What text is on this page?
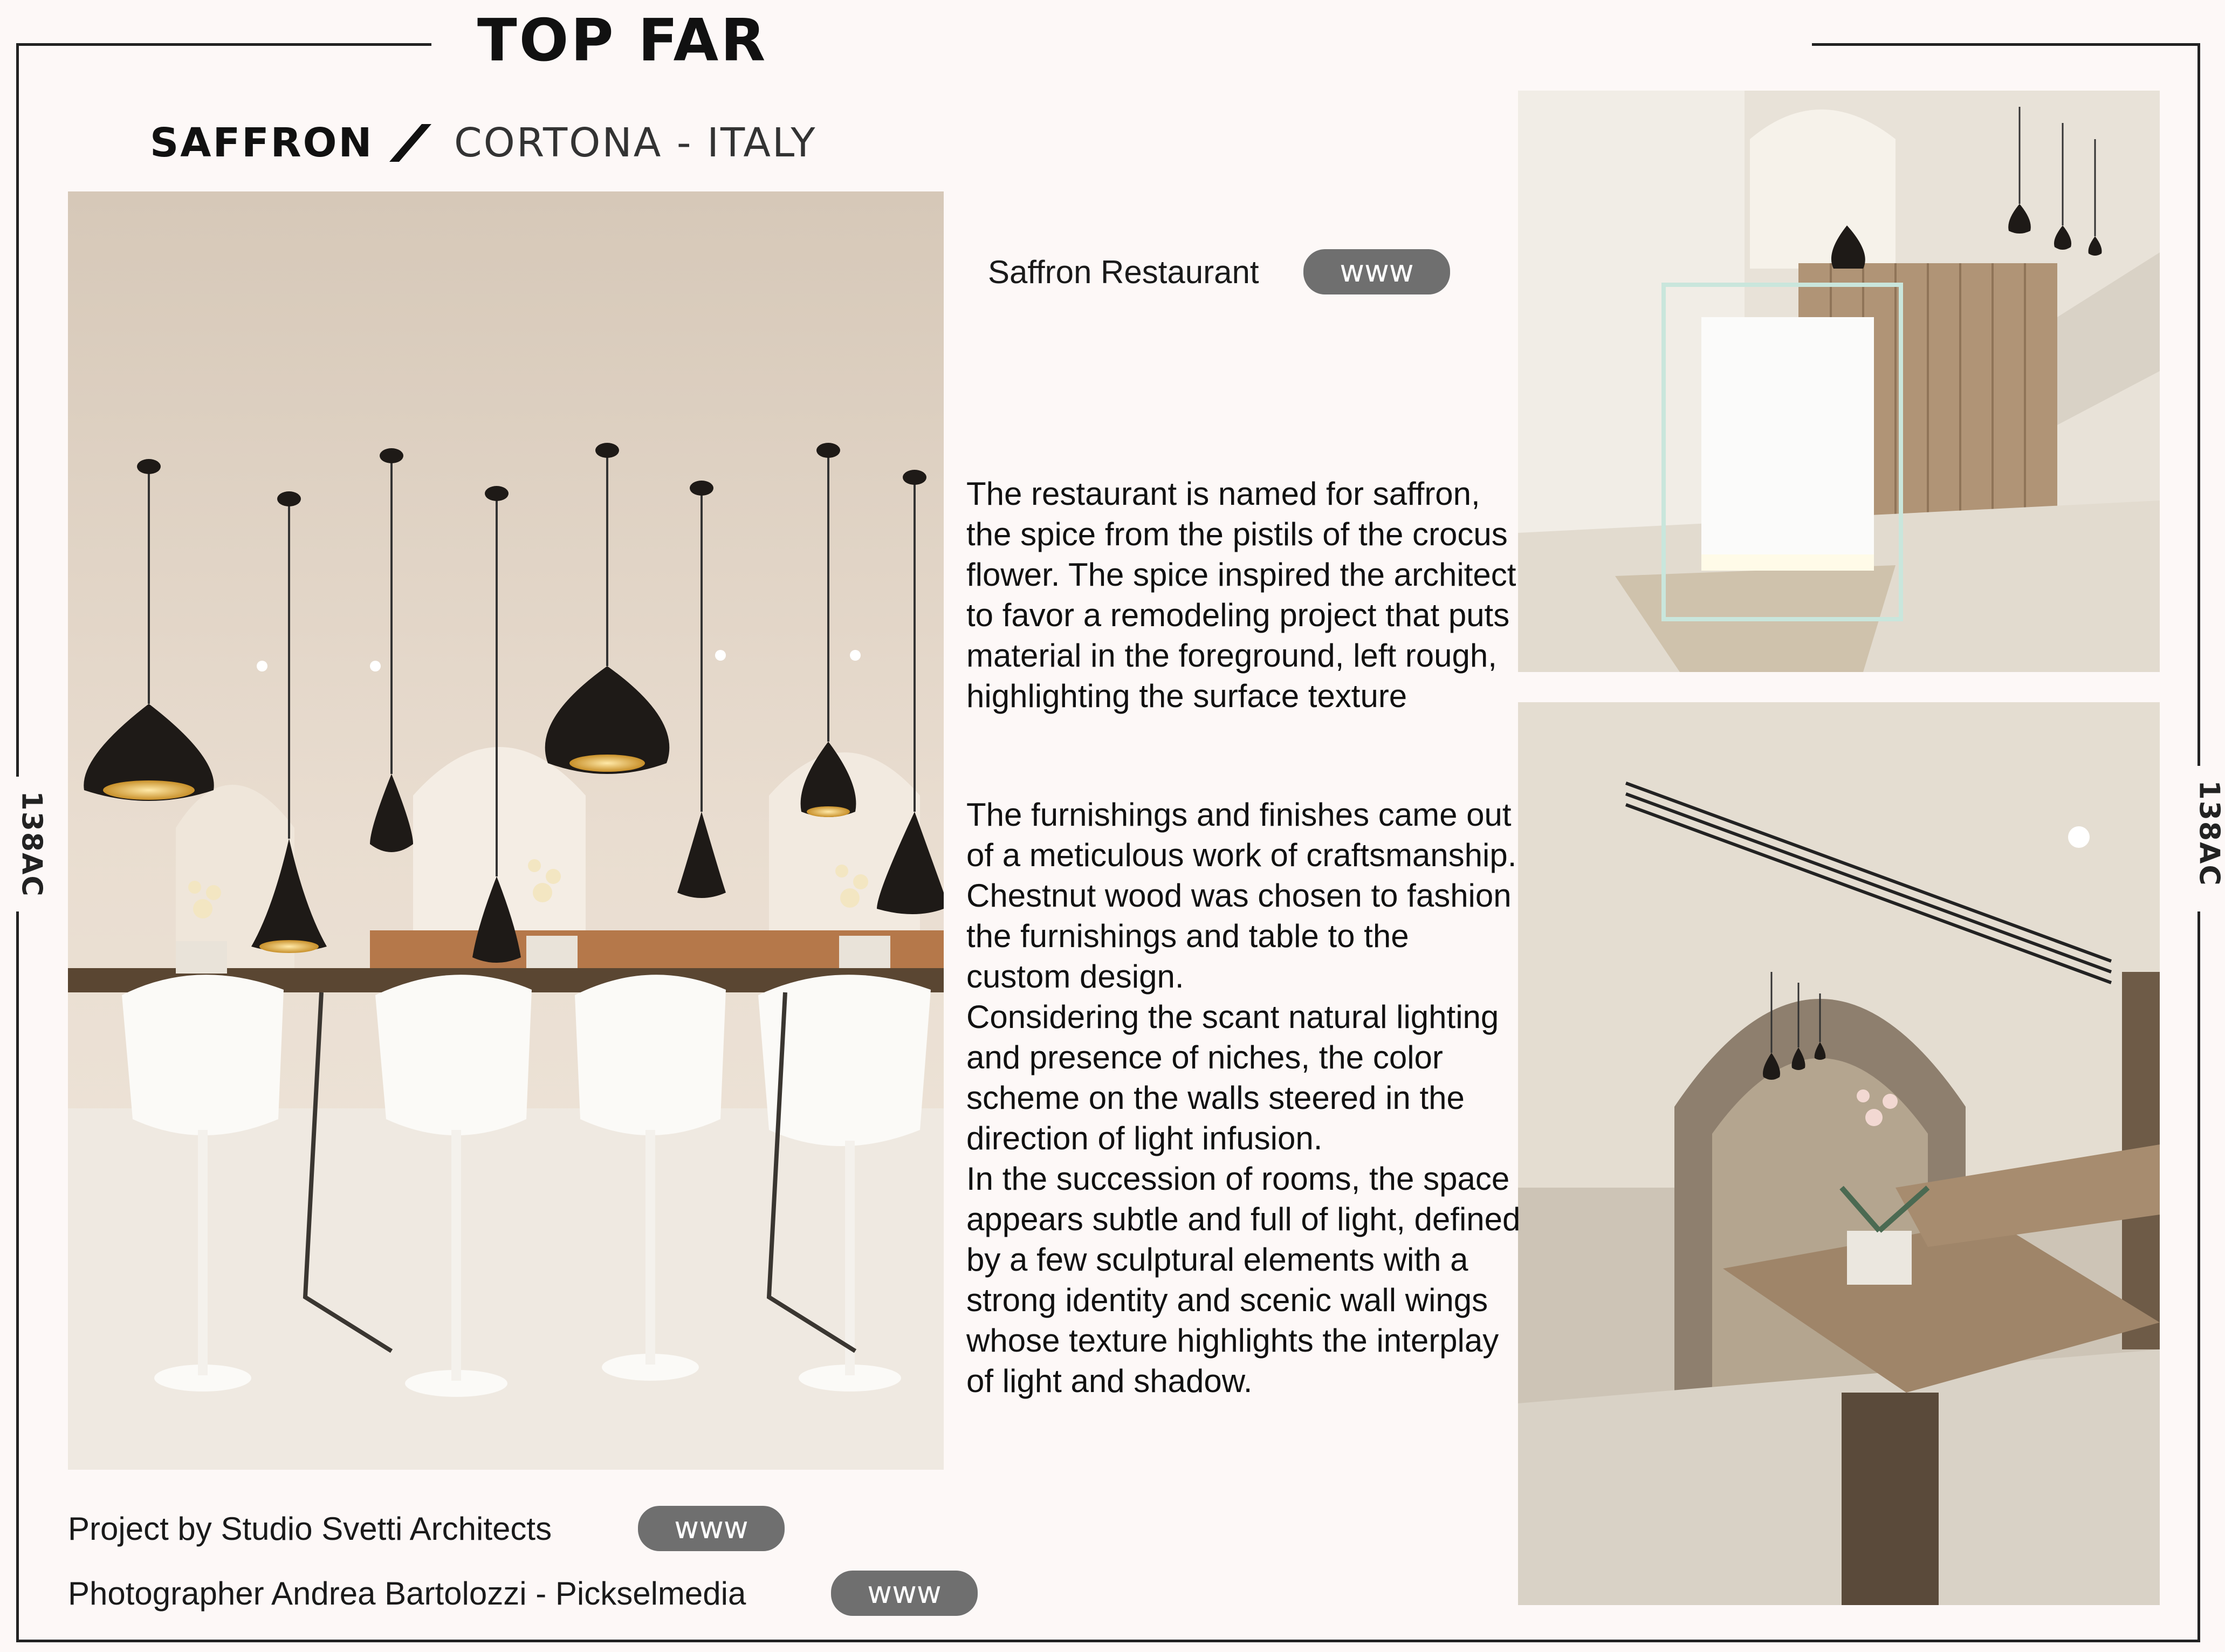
TOP FAR
SAFFRON CORTONA - ITALY
138AC	138AC
Saffron Restaurant	www
The restaurant is named for saffron, the spice from the pistils of the crocus flower. The spice inspired the architect to favor a remodeling project that puts material in the foreground, left rough, highlighting the surface texture

The furnishings and finishes came out of a meticulous work of craftsmanship.

Chestnut wood was chosen to fashion the furnishings and table to the custom design.

Considering the scant natural lighting and presence of niches, the color scheme on the walls steered in the direction of light infusion.

In the succession of rooms, the space appears subtle and full of light, defined by a few sculptural elements with a strong identity and scenic wall wings whose texture highlights the interplay of light and shadow.

Project by Studio Svetti Architects	www
Photographer Andrea Bartolozzi - Pickselmedia	www
